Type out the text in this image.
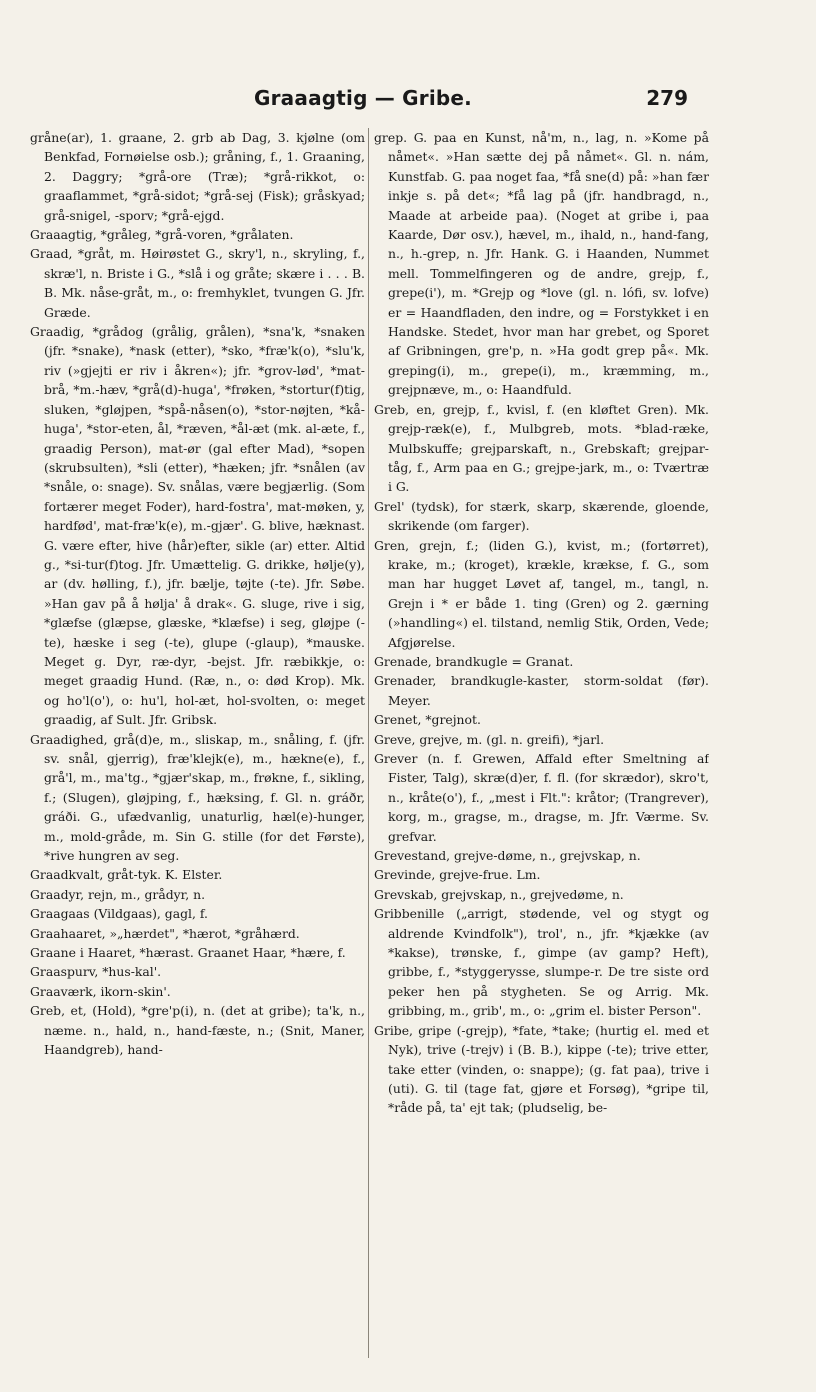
Graaagtig — Gribe.	279

gråne(ar), 1. graane, 2. grb ab Dag, 3. kjølne (om Benkfad, Fornøielse osb.); gråning, f., 1. Graaning, 2. Daggry; *grå-ore (Træ); *grå-rikkot, o: graaflammet, *grå-sidot; *grå-sej (Fisk); gråskyad; grå-snigel, -sporv; *grå-ejgd.

Graaagtig, *gråleg, *grå-voren, *grålaten.

Graad, *gråt, m. Høirøstet G., skry'l, n., skryling, f., skræ'l, n. Briste i G., *slå i og gråte; skære i . . . B. B. Mk. nåse-gråt, m., o: fremhyklet, tvungen G. Jfr. Græde.

Graadig, *grådog (grålig, grålen), *sna'k, *snaken (jfr. *snake), *nask (etter), *sko, *fræ'k(o), *slu'k, riv (»gjejti er riv i åkren«); jfr. *grov-lød', *mat-brå, *m.-hæv, *grå(d)-huga', *frøken, *stortur(f)tig, sluken, *gløjpen, *spå-nåsen(o), *stor-nøjten, *kå-huga', *stor-eten, ål, *ræven, *ål-æt (mk. al-æte, f., graadig Person), mat-ør (gal efter Mad), *sopen (skrubsulten), *sli (etter), *hæken; jfr. *snålen (av *snåle, o: snage). Sv. snålas, være begjærlig. (Som fortærer meget Foder), hard-fostra', mat-møken, y, hardfød', mat-fræ'k(e), m.-gjær'. G. blive, hæknast. G. være efter, hive (hår)efter, sikle (ar) etter. Altid g., *si-tur(f)tog. Jfr. Umættelig. G. drikke, hølje(y), ar (dv. hølling, f.), jfr. bælje, tøjte (-te). Jfr. Søbe. »Han gav på å hølja' å drak«. G. sluge, rive i sig, *glæfse (glæpse, glæske, *klæfse) i seg, gløjpe (-te), hæske i seg (-te), glupe (-glaup), *mauske. Meget g. Dyr, ræ-dyr, -bejst. Jfr. ræbikkje, o: meget graadig Hund. (Ræ, n., o: død Krop). Mk. og ho'l(o'), o: hu'l, hol-æt, hol-svolten, o: meget graadig, af Sult. Jfr. Gribsk.

Graadighed, grå(d)e, m., sliskap, m., snåling, f. (jfr. sv. snål, gjerrig), fræ'klejk(e), m., hækne(e), f., grå'l, m., ma'tg., *gjær'skap, m., frøkne, f., sikling, f.; (Slugen), gløjping, f., hæksing, f. Gl. n. gráðr, gráði. G., ufædvanlig, unaturlig, hæl(e)-hunger, m., mold-gråde, m. Sin G. stille (for det Første), *rive hungren av seg.

Graadkvalt, gråt-tyk. K. Elster.

Graadyr, rejn, m., grådyr, n.

Graagaas (Vildgaas), gagl, f.

Graahaaret, »„hærdet", *hærot, *gråhærd.

Graane i Haaret, *hærast. Graanet Haar, *hære, f.

Graaspurv, *hus-kal'.

Graaværk, ikorn-skin'.

Greb, et, (Hold), *gre'p(i), n. (det at gribe); ta'k, n., næme. n., hald, n., hand-fæste, n.; (Snit, Maner, Haandgreb), hand-

grep. G. paa en Kunst, nå'm, n., lag, n. »Kome på nåmet«. »Han sætte dej på nåmet«. Gl. n. nám, Kunstfab. G. paa noget faa, *få sne(d) på: »han fær inkje s. på det«; *få lag på (jfr. handbragd, n., Maade at arbeide paa). (Noget at gribe i, paa Kaarde, Dør osv.), hævel, m., ihald, n., hand-fang, n., h.-grep, n. Jfr. Hank. G. i Haanden, Nummet mell. Tommelfingeren og de andre, grejp, f., grepe(i'), m. *Grejp og *love (gl. n. lófi, sv. lofve) er = Haandfladen, den indre, og = Forstykket i en Handske. Stedet, hvor man har grebet, og Sporet af Gribningen, gre'p, n. »Ha godt grep på«. Mk. greping(i), m., grepe(i), m., kræmming, m., grejpnæve, m., o: Haandfuld.

Greb, en, grejp, f., kvisl, f. (en kløftet Gren). Mk. grejp-ræk(e), f., Mulbgreb, mots. *blad-ræke, Mulbskuffe; grejparskaft, n., Grebskaft; grejpar-tåg, f., Arm paa en G.; grejpe-jark, m., o: Tværtræ i G.

Grel' (tydsk), for stærk, skarp, skærende, gloende, skrikende (om farger).

Gren, grejn, f.; (liden G.), kvist, m.; (fortørret), krake, m.; (kroget), krækle, krækse, f. G., som man har hugget Løvet af, tangel, m., tangl, n. Grejn i * er både 1. ting (Gren) og 2. gærning (»handling«) el. tilstand, nemlig Stik, Orden, Vedе; Afgjørelse.

Grenade, brandkugle = Granat.

Grenader, brandkugle-kaster, storm-soldat (før). Meyer.

Grenet, *grejnot.

Greve, grejve, m. (gl. n. greifi), *jarl.

Grever (n. f. Grewen, Affald efter Smeltning af Fister, Talg), skræ(d)er, f. fl. (for skrædor), skro't, n., kråte(o'), f., „mest i Flt.": kråtor; (Trangrever), korg, m., gragse, m., dragse, m. Jfr. Værme. Sv. grefvar.

Grevestand, grejve-døme, n., grejvskap, n.

Grevinde, grejve-frue. Lm.

Grevskab, grejvskap, n., grejvedøme, n.

Gribbenille („arrigt, stødende, vel og stygt og aldrende Kvindfolk"), trol', n., jfr. *kjække (av *kakse), trønske, f., gimpe (av gamp? Heft), gribbe, f., *styggerysse, slumpe-r. De tre siste ord peker hen på stygheten. Se og Arrig. Mk. gribbing, m., grib', m., o: „grim el. bister Person".

Gribe, gripe (-grejp), *fate, *take; (hurtig el. med et Nyk), trive (-trejv) i (B. B.), kippe (-te); trive etter, take etter (vinden, o: snappe); (g. fat paa), trive i (uti). G. til (tage fat, gjøre et Forsøg), *gripe til, *råde på, ta' ejt tak; (pludselig, be-
